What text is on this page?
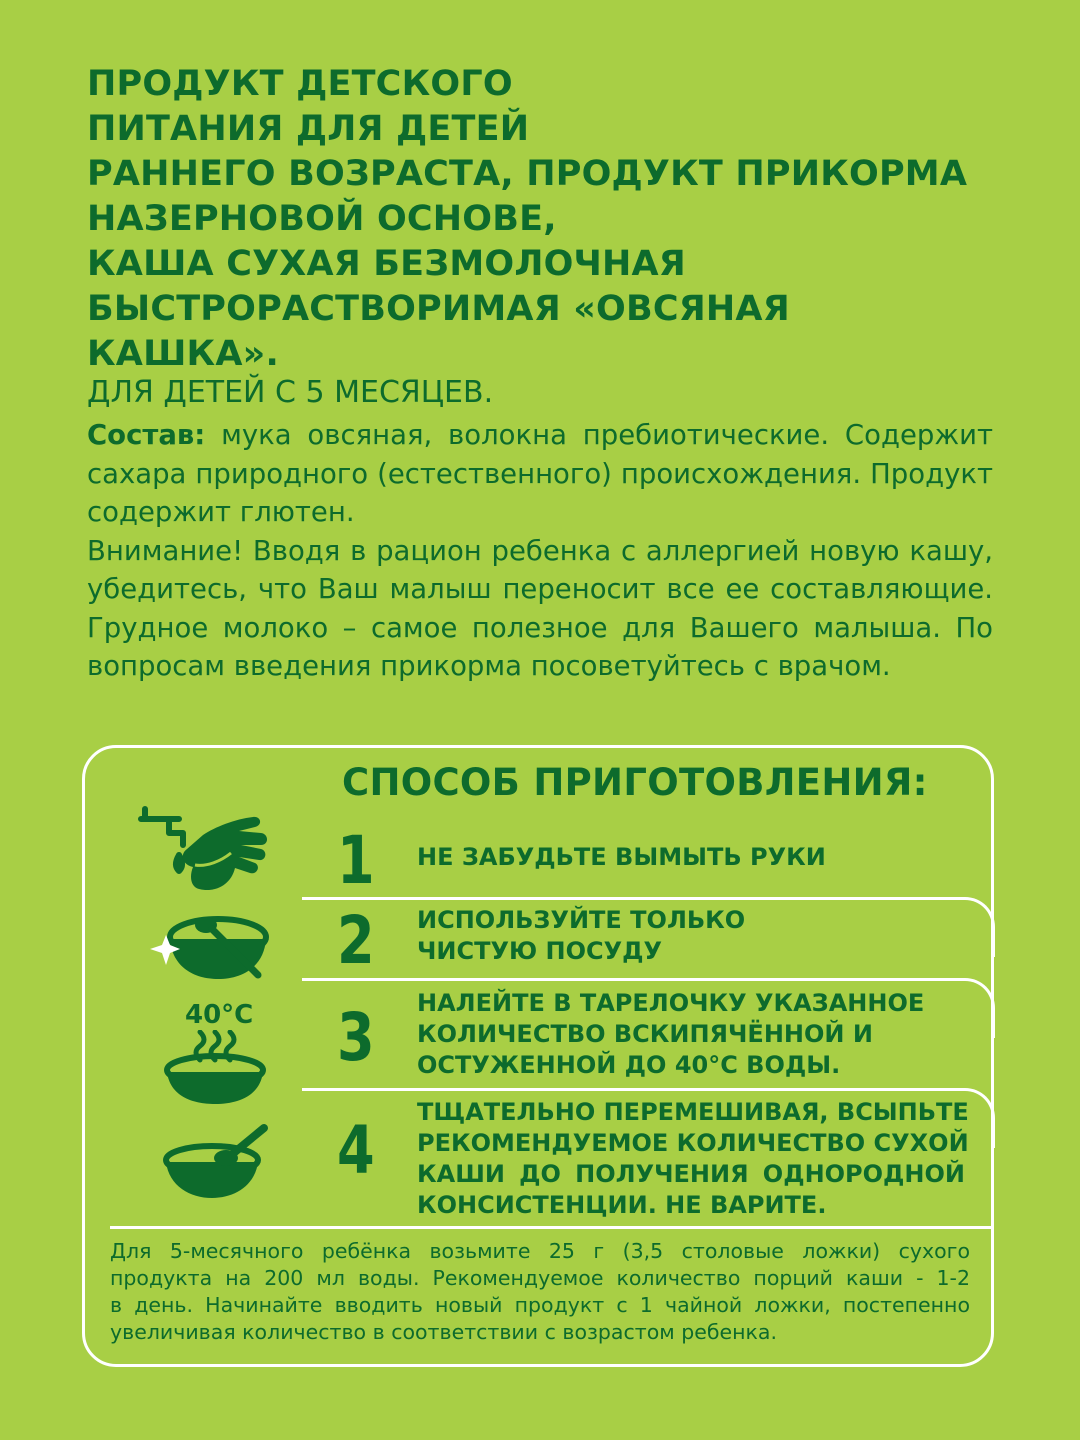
ПРОДУКТ ДЕТСКОГО
ПИТАНИЯ ДЛЯ ДЕТЕЙ
РАННЕГО ВОЗРАСТА, ПРОДУКТ ПРИКОРМА
НАЗЕРНОВОЙ ОСНОВЕ,
КАША СУХАЯ БЕЗМОЛОЧНАЯ
БЫСТРОРАСТВОРИМАЯ «ОВСЯНАЯ
КАШКА».
ДЛЯ ДЕТЕЙ С 5 МЕСЯЦЕВ.

Состав: мука овсяная, волокна пребиотические. Содержит сахара природного (естественного) происхождения. Продукт содержит глютен.

Внимание! Вводя в рацион ребенка с аллергией новую кашу, убедитесь, что Ваш малыш переносит все ее составляющие. Грудное молоко – самое полезное для Вашего малыша. По вопросам введения прикорма посоветуйтесь с врачом.

СПОСОБ ПРИГОТОВЛЕНИЯ:
1
2
3
4
НЕ ЗАБУДЬТЕ ВЫМЫТЬ РУКИ
ИСПОЛЬЗУЙТЕ ТОЛЬКО
ЧИСТУЮ ПОСУДУ
НАЛЕЙТЕ В ТАРЕЛОЧКУ УКАЗАННОЕ
КОЛИЧЕСТВО ВСКИПЯЧЁННОЙ И
ОСТУЖЕННОЙ ДО 40°С ВОДЫ.
ТЩАТЕЛЬНО ПЕРЕМЕШИВАЯ, ВСЫПЬТЕ
РЕКОМЕНДУЕМОЕ КОЛИЧЕСТВО СУХОЙ
КАШИ ДО ПОЛУЧЕНИЯ ОДНОРОДНОЙ
КОНСИСТЕНЦИИ. НЕ ВАРИТЕ.
40°C
Для 5-месячного ребёнка возьмите 25 г (3,5 столовые ложки) сухого
продукта на 200 мл воды. Рекомендуемое количество порций каши - 1-2
в день. Начинайте вводить новый продукт с 1 чайной ложки, постепенно
увеличивая количество в соответствии с возрастом ребенка.
